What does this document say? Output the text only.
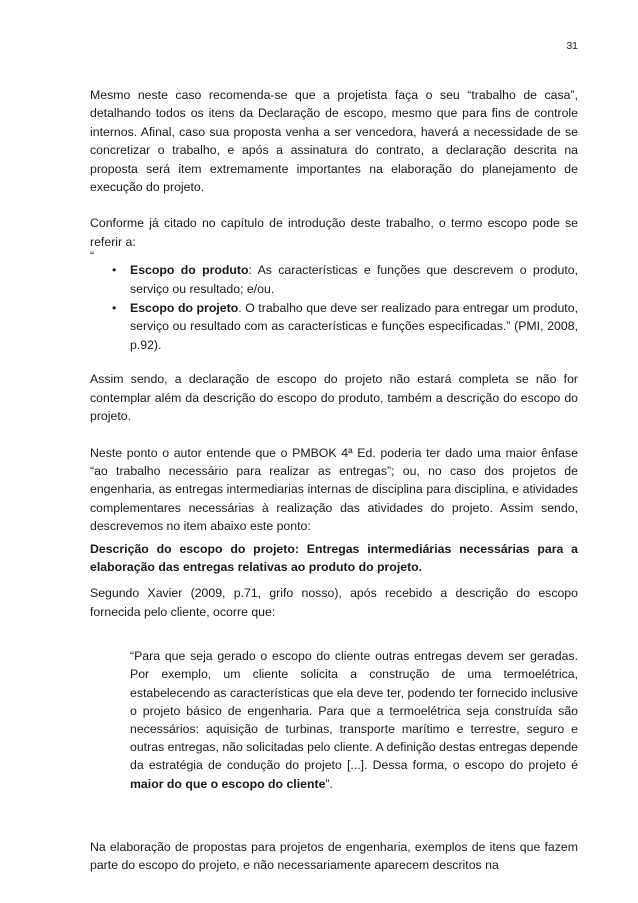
31

Mesmo neste caso recomenda-se que a projetista faça o seu “trabalho de casa”, detalhando todos os itens da Declaração de escopo, mesmo que para fins de controle internos. Afinal, caso sua proposta venha a ser vencedora, haverá a necessidade de se concretizar o trabalho, e após a assinatura do contrato, a declaração descrita na proposta será item extremamente importantes na elaboração do planejamento de execução do projeto.

Conforme já citado no capítulo de introdução deste trabalho, o termo escopo pode se referir a:

“
• Escopo do produto: As características e funções que descrevem o produto, serviço ou resultado; e/ou.
• Escopo do projeto. O trabalho que deve ser realizado para entregar um produto, serviço ou resultado com as características e funções especificadas.” (PMI, 2008, p.92).

Assim sendo, a declaração de escopo do projeto não estará completa se não for contemplar além da descrição do escopo do produto, também a descrição do escopo do projeto.

Neste ponto o autor entende que o PMBOK 4ª Ed. poderia ter dado uma maior ênfase “ao trabalho necessário para realizar as entregas”; ou, no caso dos projetos de engenharia, as entregas intermediarias internas de disciplina para disciplina, e atividades complementares necessárias à realização das atividades do projeto. Assim sendo, descrevemos no item abaixo este ponto:

Descrição do escopo do projeto: Entregas intermediárias necessárias para a elaboração das entregas relativas ao produto do projeto.

Segundo Xavier (2009, p.71, grifo nosso), após recebido a descrição do escopo fornecida pelo cliente, ocorre que:

“Para que seja gerado o escopo do cliente outras entregas devem ser geradas. Por exemplo, um cliente solicita a construção de uma termoelétrica, estabelecendo as características que ela deve ter, podendo ter fornecido inclusive o projeto básico de engenharia. Para que a termoelétrica seja construída são necessários: aquisição de turbinas, transporte marítimo e terrestre, seguro e outras entregas, não solicitadas pelo cliente. A definição destas entregas depende da estratégia de condução do projeto [...]. Dessa forma, o escopo do projeto é maior do que o escopo do cliente”.

Na elaboração de propostas para projetos de engenharia, exemplos de itens que fazem parte do escopo do projeto, e não necessariamente aparecem descritos na
